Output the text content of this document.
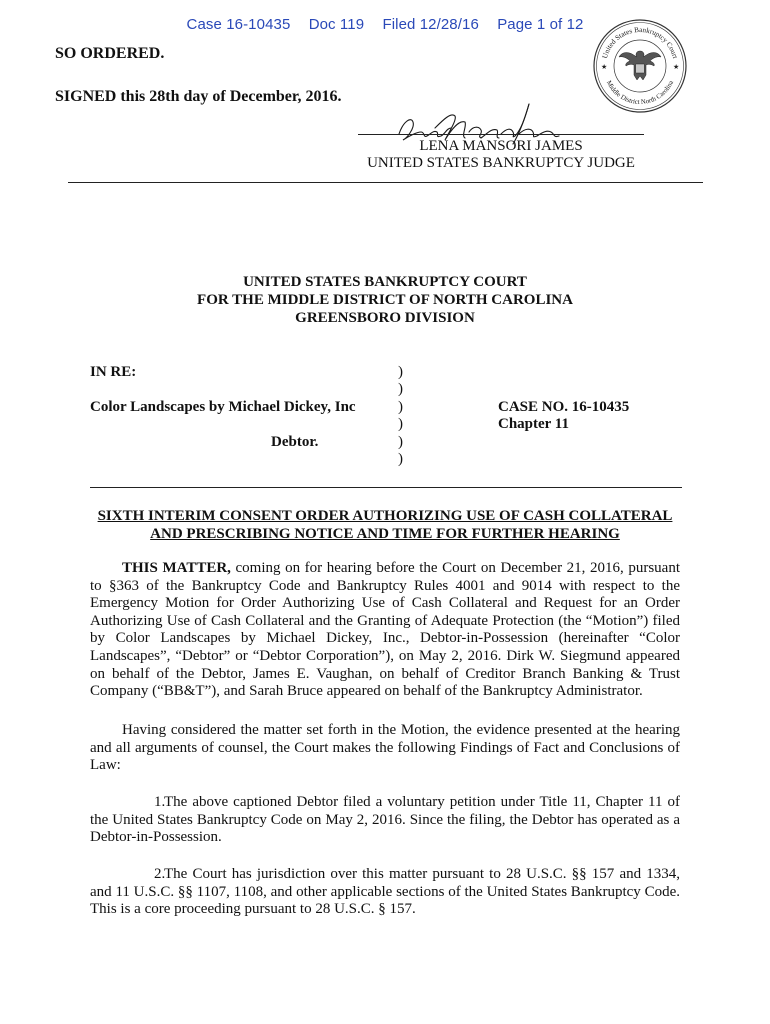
Case 16-10435 Doc 119 Filed 12/28/16 Page 1 of 12
United States Bankruptcy Court
Middle District North Carolina
★	★
SO ORDERED.
SIGNED this 28th day of December, 2016.
LENA MANSORI JAMES
UNITED STATES BANKRUPTCY JUDGE
UNITED STATES BANKRUPTCY COURT
FOR THE MIDDLE DISTRICT OF NORTH CAROLINA
GREENSBORO DIVISION
IN RE:
Color Landscapes by Michael Dickey, Inc
Debtor.
CASE NO. 16-10435
Chapter 11
)
)
)
)
)
)
SIXTH INTERIM CONSENT ORDER AUTHORIZING USE OF CASH COLLATERAL
AND PRESCRIBING NOTICE AND TIME FOR FURTHER HEARING
THIS MATTER, coming on for hearing before the Court on December 21, 2016, pursuant to §363 of the Bankruptcy Code and Bankruptcy Rules 4001 and 9014 with respect to the Emergency Motion for Order Authorizing Use of Cash Collateral and Request for an Order Authorizing Use of Cash Collateral and the Granting of Adequate Protection (the “Motion”) filed by Color Landscapes by Michael Dickey, Inc., Debtor-in-Possession (hereinafter “Color Landscapes”, “Debtor” or “Debtor Corporation”), on May 2, 2016. Dirk W. Siegmund appeared on behalf of the Debtor, James E. Vaughan, on behalf of Creditor Branch Banking & Trust Company (“BB&T”), and Sarah Bruce appeared on behalf of the Bankruptcy Administrator.
Having considered the matter set forth in the Motion, the evidence presented at the hearing and all arguments of counsel, the Court makes the following Findings of Fact and Conclusions of Law:
1.The above captioned Debtor filed a voluntary petition under Title 11, Chapter 11 of the United States Bankruptcy Code on May 2, 2016. Since the filing, the Debtor has operated as a Debtor-in-Possession.
2.The Court has jurisdiction over this matter pursuant to 28 U.S.C. §§ 157 and 1334, and 11 U.S.C. §§ 1107, 1108, and other applicable sections of the United States Bankruptcy Code. This is a core proceeding pursuant to 28 U.S.C. § 157.
